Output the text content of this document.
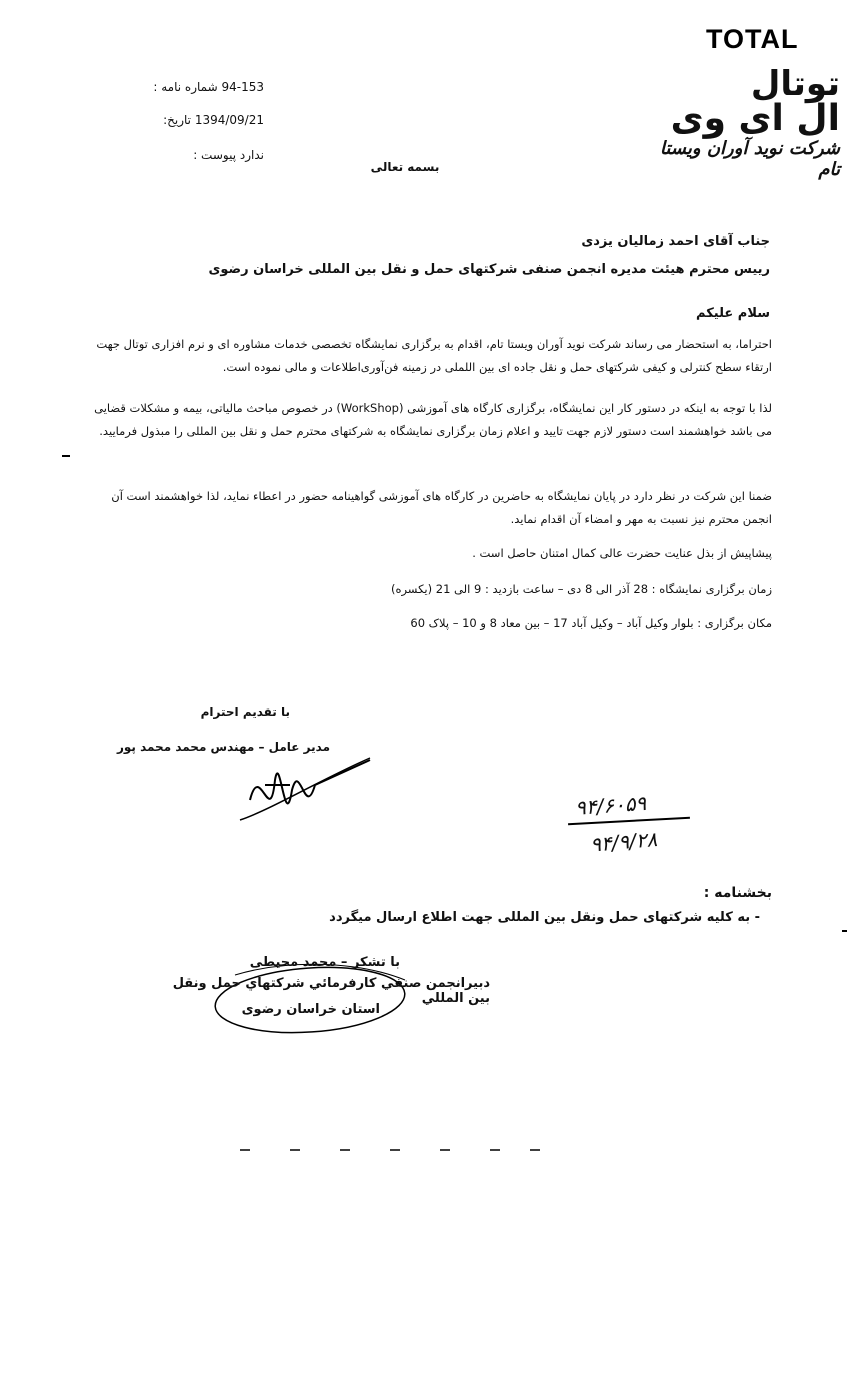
TOTAL
توتال
ال ای وی
شرکت نوید آوران ویستا تام
شماره نامه : 94-153
تاریخ: 1394/09/21
پیوست : ندارد
بسمه تعالی
جناب آقای احمد زمالیان یزدی
رییس محترم هیئت مدیره انجمن صنفی شرکتهای حمل و نقل بین المللی خراسان رضوی
سلام علیکم
احتراما، به استحضار می رساند شرکت نوید آوران ویستا تام، اقدام به برگزاری نمایشگاه تخصصی خدمات مشاوره ای و نرم افزاری توتال جهت ارتقاء سطح کنترلی و کیفی شرکتهای حمل و نقل جاده ای بین اللملی در زمینه فن‌آوری‌اطلاعات و مالی نموده است.
لذا با توجه به اینکه در دستور کار این نمایشگاه، برگزاری کارگاه های آموزشی (WorkShop) در خصوص مباحث مالیاتی، بیمه و مشکلات قضایی می باشد خواهشمند است دستور لازم جهت تایید و اعلام زمان برگزاری نمایشگاه به شرکتهای محترم حمل و نقل بین المللی را مبذول فرمایید.
ضمنا این شرکت در نظر دارد در پایان نمایشگاه به حاضرین در کارگاه های آموزشی گواهینامه حضور در اعطاء نماید، لذا خواهشمند است آن انجمن محترم نیز نسبت به مهر و امضاء آن اقدام نماید.
پیشاپیش از بذل عنایت حضرت عالی کمال امتنان حاصل است .
زمان برگزاری نمایشگاه : 28 آذر الی 8 دی – ساعت بازدید : 9 الی 21 (یکسره)
مکان برگزاری : بلوار وکیل آباد – وکیل آباد 17 – بین معاد 8 و 10 – پلاک 60
با تقدیم احترام
مدیر عامل – مهندس محمد محمد پور
۹۴/۶۰۵۹
۹۴/۹/۲۸
بخشنامه :
- به کلیه شرکتهای حمل ونقل بین المللی جهت اطلاع ارسال میگردد
با تشکر – محمد محیطی
دبیرانجمن صنفي كارفرمائي شركتهاي حمل ونقل بين المللي
استان خراسان رضوی
